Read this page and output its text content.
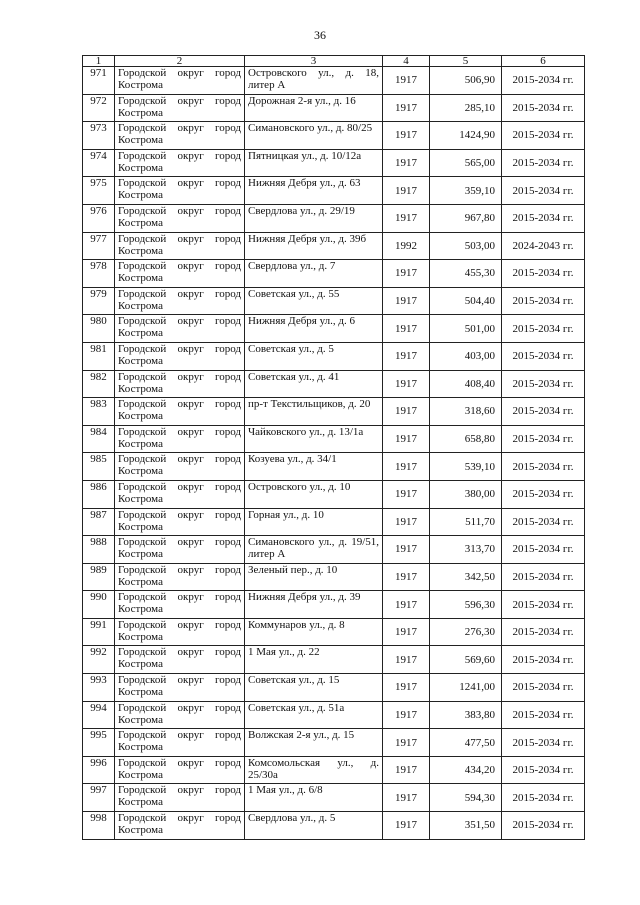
36
1	2	3	4	5	6
971	Городской округ город Кострома	Островского ул., д. 18, литер А	1917	506,90	2015-2034 гг.
972	Городской округ город Кострома	Дорожная 2-я ул., д. 16	1917	285,10	2015-2034 гг.
973	Городской округ город Кострома	Симановского ул., д. 80/25	1917	1424,90	2015-2034 гг.
974	Городской округ город Кострома	Пятницкая ул., д. 10/12а	1917	565,00	2015-2034 гг.
975	Городской округ город Кострома	Нижняя Дебря ул., д. 63	1917	359,10	2015-2034 гг.
976	Городской округ город Кострома	Свердлова ул., д. 29/19	1917	967,80	2015-2034 гг.
977	Городской округ город Кострома	Нижняя Дебря ул., д. 39б	1992	503,00	2024-2043 гг.
978	Городской округ город Кострома	Свердлова ул., д. 7	1917	455,30	2015-2034 гг.
979	Городской округ город Кострома	Советская ул., д. 55	1917	504,40	2015-2034 гг.
980	Городской округ город Кострома	Нижняя Дебря ул., д. 6	1917	501,00	2015-2034 гг.
981	Городской округ город Кострома	Советская ул., д. 5	1917	403,00	2015-2034 гг.
982	Городской округ город Кострома	Советская ул., д. 41	1917	408,40	2015-2034 гг.
983	Городской округ город Кострома	пр-т Текстильщиков, д. 20	1917	318,60	2015-2034 гг.
984	Городской округ город Кострома	Чайковского ул., д. 13/1а	1917	658,80	2015-2034 гг.
985	Городской округ город Кострома	Козуева ул., д. 34/1	1917	539,10	2015-2034 гг.
986	Городской округ город Кострома	Островского ул., д. 10	1917	380,00	2015-2034 гг.
987	Городской округ город Кострома	Горная ул., д. 10	1917	511,70	2015-2034 гг.
988	Городской округ город Кострома	Симановского ул., д. 19/51, литер А	1917	313,70	2015-2034 гг.
989	Городской округ город Кострома	Зеленый пер., д. 10	1917	342,50	2015-2034 гг.
990	Городской округ город Кострома	Нижняя Дебря ул., д. 39	1917	596,30	2015-2034 гг.
991	Городской округ город Кострома	Коммунаров ул., д. 8	1917	276,30	2015-2034 гг.
992	Городской округ город Кострома	1 Мая ул., д. 22	1917	569,60	2015-2034 гг.
993	Городской округ город Кострома	Советская ул., д. 15	1917	1241,00	2015-2034 гг.
994	Городской округ город Кострома	Советская ул., д. 51а	1917	383,80	2015-2034 гг.
995	Городской округ город Кострома	Волжская 2-я ул., д. 15	1917	477,50	2015-2034 гг.
996	Городской округ город Кострома	Комсомольская ул., д. 25/30а	1917	434,20	2015-2034 гг.
997	Городской округ город Кострома	1 Мая ул., д. 6/8	1917	594,30	2015-2034 гг.
998	Городской округ город Кострома	Свердлова ул., д. 5	1917	351,50	2015-2034 гг.
